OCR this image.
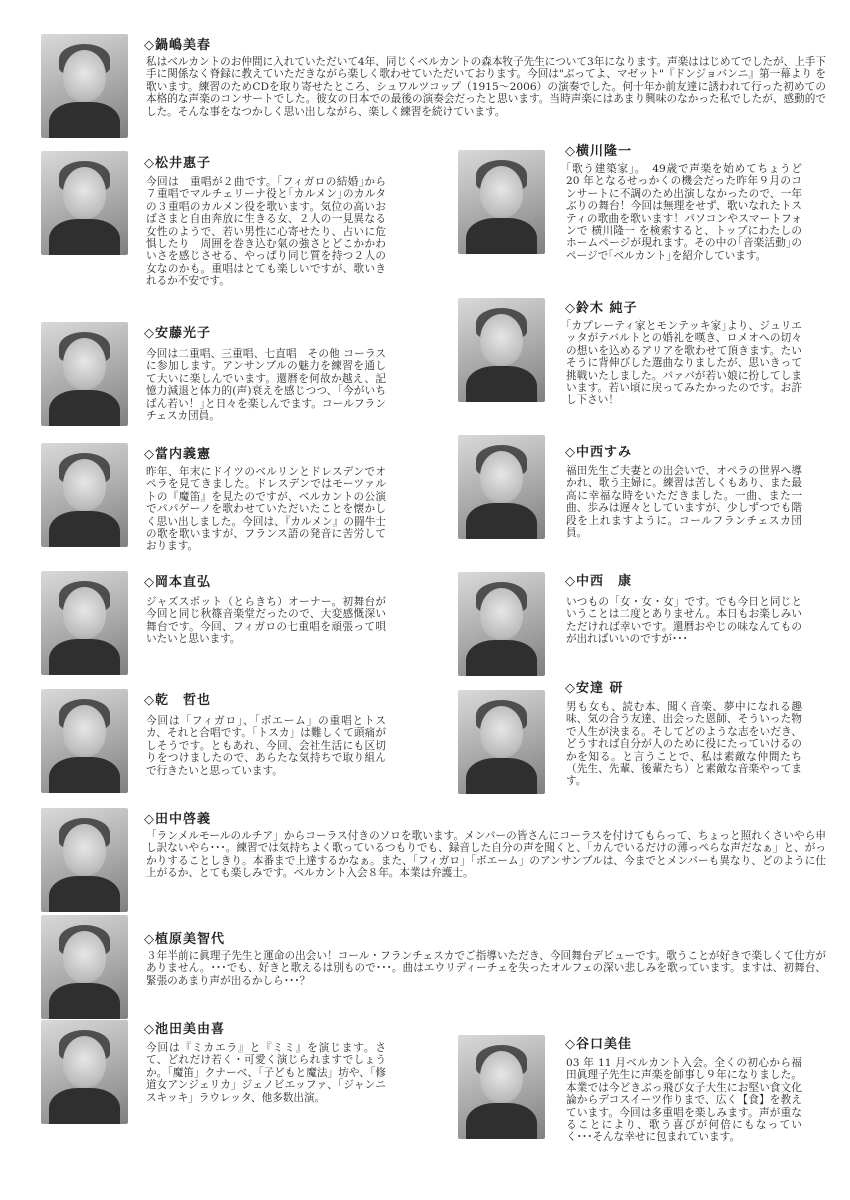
◇鍋嶋美春
私はベルカントのお仲間に入れていただいて4年、同じくベルカントの森本牧子先生について3年になります。声楽ははじめてでしたが、上手下手に関係なく脊録に教えていただきながら楽しく歌わせていただいております。今回は"ぶってよ、マゼット"『ドンジョバンニ』第一幕より を歌います。練習のためCDを取り寄せたところ、シュワルツコップ（1915～2006）の演奏でした。何十年か前友達に誘われて行った初めての本格的な声楽のコンサートでした。彼女の日本での最後の演奏会だったと思います。当時声楽にはあまり興味のなかった私でしたが、感動的でした。そんな事をなつかしく思い出しながら、楽しく練習を続けています。
◇松井惠子
今回は　重唱が２曲です。｢フィガロの結婚｣から７重唱でマルチェリーナ役と｢カルメン｣のカルタの３重唱のカルメン役を歌います。気位の高いおばさまと自由奔放に生きる女、２人の一見異なる女性のようで、若い男性に心寄せたり、占いに危惧したり　周囲を巻き込む氣の強さとどこかかわいさを感じさせる、やっぱり同じ質を持つ２人の女なのかも。重唱はとても楽しいですが、歌いきれるか不安です。
◇横川隆一
｢歌う建築家｣。　49歳で声楽を始めてちょうど 20 年となるせっかくの機会だった昨年９月のコンサートに不調のため出演しなかったので、一年ぶりの舞台！今回は無理をせず、歌いなれたトスティの歌曲を歌います！パソコンやスマートフォンで 横川隆一 を検索すると、トップにわたしのホームページが現れます。その中の｢音楽活動｣のページで｢ベルカント｣を紹介しています。
◇安藤光子
今回は二重唱、三重唱、七直唱　その他 コーラスに参加します。アンサンブルの魅力を練習を通して大いに楽しんでいます。還暦を何故か越え、記憶力減退と体力的(声)衰えを感じつつ、｢今がいちばん若い！｣と日々を楽しんでます。コールフランチェスカ団員。
◇鈴木 純子
｢カプレーティ家とモンテッキ家｣より、ジュリエッタがテバルトとの婚礼を嘆き、ロメオへの切々の想いを込めるアリアを歌わせて頂きます。たいそうに背伸びした選曲なりましたが、思いきって挑戦いたしました。バァバが若い娘に扮してしまいます。若い頃に戻ってみたかったのです。お許し下さい！
◇當内義憲
昨年、年末にドイツのベルリンとドレスデンでオペラを見てきました。ドレスデンではモーツァルトの『魔笛』を見たのですが、ベルカントの公演でパパゲーノを歌わせていただいたことを懐かしく思い出しました。今回は、『カルメン』の闘牛士の歌を歌いますが、フランス語の発音に苦労しております。
◇中西すみ
福田先生ご夫妻との出会いで、オペラの世界へ導かれ、歌う主婦に。練習は苦しくもあり、また最高に幸福な時をいただきました。一曲、また一曲、歩みは遅々としていますが、少しずつでも階段を上れますように。コールフランチェスカ団員。
◇岡本直弘
ジャズスポット（とらきち）オーナー。初舞台が今回と同じ秋篠音楽堂だったので、大変感慨深い舞台です。今回、フィガロの七重唱を頑張って唄いたいと思います。
◇中西　康
いつもの「女・女・女」です。でも今日と同じということは二度とありません。本日もお楽しみいただければ幸いです。還暦おやじの味なんてものが出ればいいのですが･･･
◇乾　哲也
今回は「フィガロ」、「ボエーム」の重唱とトスカ、それと合唱です。「トスカ」は難しくて頭痛がしそうです。ともあれ、今回、会社生活にも区切りをつけましたので、あらたな気持ちで取り組んで行きたいと思っています。
◇安達 研
男も女も、読む本、聞く音楽、夢中になれる趣味、気の合う友達、出会った恩師、そういった物で人生が決まる。そしてどのような志をいだき、どうすれば自分が人のために役にたっていけるのかを知る。と言うことで、私は素敵な仲間たち（先生、先輩、後輩たち）と素敵な音楽やってます。
◇田中啓義
「ランメルモールのルチア」からコーラス付きのソロを歌います。メンバーの皆さんにコーラスを付けてもらって、ちょっと照れくさいやら申し訳ないやら･･･。練習では気持ちよく歌っているつもりでも、録音した自分の声を聞くと、「カんでいるだけの薄っぺらな声だなぁ」と、がっかりすることしきり。本番まで上達するかなぁ。また、「フィガロ」「ボエーム」のアンサンブルは、今までとメンバーも異なり、どのように仕上がるか、とても楽しみです。ベルカント入会８年。本業は弁護士。
◇植原美智代
３年半前に眞理子先生と運命の出会い！コール・フランチェスカでご指導いただき、今回舞台デビューです。歌うことが好きで楽しくて仕方がありません。･･･でも、好きと歌えるは別もので･･･。曲はエウリディーチェを失ったオルフェの深い悲しみを歌っています。ますは、初舞台、緊張のあまり声が出るかしら･･･？
◇池田美由喜
今回は『ミカエラ』と『ミミ』を演じます。さて、どれだけ若く・可愛く演じられますでしょうか。「魔笛」クナーベ、「子どもと魔法」坊や、「修道女アンジェリカ」ジェノビエッファ、「ジャンニスキッキ」ラウレッタ、他多数出演。
◇谷口美佳
03 年 11 月ベルカント入会。全くの初心から福田眞理子先生に声楽を師事し９年になりました。本業では今どきぶっ飛び女子大生にお堅い食文化論からデコスイーツ作りまで、広く【食】を教えています。今回は多重唱を楽しみます。声が重なることにより、歌う喜びが何倍にもなっていく･･･そんな幸せに包まれています。
